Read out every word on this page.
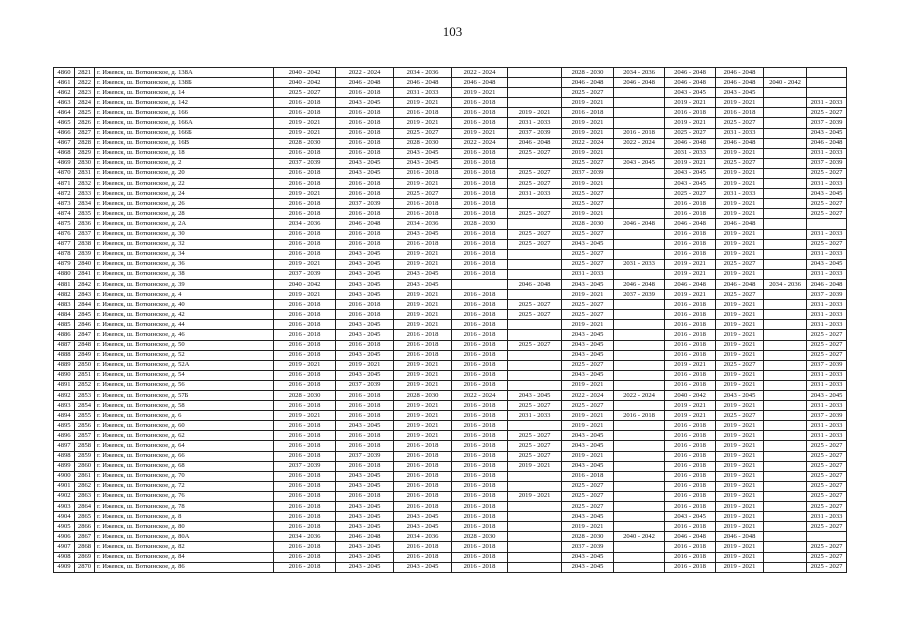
103
4860	2821	г. Ижевск, ш. Воткинское, д. 138А	2040 - 2042	2022 - 2024	2034 - 2036	2022 - 2024		2028 - 2030	2034 - 2036	2046 - 2048	2046 - 2048		
4861	2822	г. Ижевск, ш. Воткинское, д. 138Б	2040 - 2042	2046 - 2048	2046 - 2048	2046 - 2048		2046 - 2048	2046 - 2048	2046 - 2048	2046 - 2048	2040 - 2042	
4862	2823	г. Ижевск, ш. Воткинское, д. 14	2025 - 2027	2016 - 2018	2031 - 2033	2019 - 2021		2025 - 2027		2043 - 2045	2043 - 2045		
4863	2824	г. Ижевск, ш. Воткинское, д. 142	2016 - 2018	2043 - 2045	2019 - 2021	2016 - 2018		2019 - 2021		2019 - 2021	2019 - 2021		2031 - 2033
4864	2825	г. Ижевск, ш. Воткинское, д. 166	2016 - 2018	2016 - 2018	2016 - 2018	2016 - 2018	2019 - 2021	2016 - 2018		2016 - 2018	2016 - 2018		2025 - 2027
4865	2826	г. Ижевск, ш. Воткинское, д. 166А	2019 - 2021	2016 - 2018	2019 - 2021	2016 - 2018	2031 - 2033	2019 - 2021		2019 - 2021	2025 - 2027		2037 - 2039
4866	2827	г. Ижевск, ш. Воткинское, д. 166Б	2019 - 2021	2016 - 2018	2025 - 2027	2019 - 2021	2037 - 2039	2019 - 2021	2016 - 2018	2025 - 2027	2031 - 2033		2043 - 2045
4867	2828	г. Ижевск, ш. Воткинское, д. 16В	2028 - 2030	2016 - 2018	2028 - 2030	2022 - 2024	2046 - 2048	2022 - 2024	2022 - 2024	2046 - 2048	2046 - 2048		2046 - 2048
4868	2829	г. Ижевск, ш. Воткинское, д. 18	2016 - 2018	2016 - 2018	2043 - 2045	2016 - 2018	2025 - 2027	2019 - 2021		2031 - 2033	2019 - 2021		2031 - 2033
4869	2830	г. Ижевск, ш. Воткинское, д. 2	2037 - 2039	2043 - 2045	2043 - 2045	2016 - 2018		2025 - 2027	2043 - 2045	2019 - 2021	2025 - 2027		2037 - 2039
4870	2831	г. Ижевск, ш. Воткинское, д. 20	2016 - 2018	2043 - 2045	2016 - 2018	2016 - 2018	2025 - 2027	2037 - 2039		2043 - 2045	2019 - 2021		2025 - 2027
4871	2832	г. Ижевск, ш. Воткинское, д. 22	2016 - 2018	2016 - 2018	2019 - 2021	2016 - 2018	2025 - 2027	2019 - 2021		2043 - 2045	2019 - 2021		2031 - 2033
4872	2833	г. Ижевск, ш. Воткинское, д. 24	2019 - 2021	2016 - 2018	2025 - 2027	2016 - 2018	2031 - 2033	2025 - 2027		2025 - 2027	2031 - 2033		2043 - 2045
4873	2834	г. Ижевск, ш. Воткинское, д. 26	2016 - 2018	2037 - 2039	2016 - 2018	2016 - 2018		2025 - 2027		2016 - 2018	2019 - 2021		2025 - 2027
4874	2835	г. Ижевск, ш. Воткинское, д. 28	2016 - 2018	2016 - 2018	2016 - 2018	2016 - 2018	2025 - 2027	2019 - 2021		2016 - 2018	2019 - 2021		2025 - 2027
4875	2836	г. Ижевск, ш. Воткинское, д. 2А	2034 - 2036	2046 - 2048	2034 - 2036	2028 - 2030		2028 - 2030	2046 - 2048	2046 - 2048	2046 - 2048		
4876	2837	г. Ижевск, ш. Воткинское, д. 30	2016 - 2018	2016 - 2018	2043 - 2045	2016 - 2018	2025 - 2027	2025 - 2027		2016 - 2018	2019 - 2021		2031 - 2033
4877	2838	г. Ижевск, ш. Воткинское, д. 32	2016 - 2018	2016 - 2018	2016 - 2018	2016 - 2018	2025 - 2027	2043 - 2045		2016 - 2018	2019 - 2021		2025 - 2027
4878	2839	г. Ижевск, ш. Воткинское, д. 34	2016 - 2018	2043 - 2045	2019 - 2021	2016 - 2018		2025 - 2027		2016 - 2018	2019 - 2021		2031 - 2033
4879	2840	г. Ижевск, ш. Воткинское, д. 36	2019 - 2021	2043 - 2045	2019 - 2021	2016 - 2018		2025 - 2027	2031 - 2033	2019 - 2021	2025 - 2027		2043 - 2045
4880	2841	г. Ижевск, ш. Воткинское, д. 38	2037 - 2039	2043 - 2045	2043 - 2045	2016 - 2018		2031 - 2033		2019 - 2021	2019 - 2021		2031 - 2033
4881	2842	г. Ижевск, ш. Воткинское, д. 39	2040 - 2042	2043 - 2045	2043 - 2045		2046 - 2048	2043 - 2045	2046 - 2048	2046 - 2048	2046 - 2048	2034 - 2036	2046 - 2048
4882	2843	г. Ижевск, ш. Воткинское, д. 4	2019 - 2021	2043 - 2045	2019 - 2021	2016 - 2018		2019 - 2021	2037 - 2039	2019 - 2021	2025 - 2027		2037 - 2039
4883	2844	г. Ижевск, ш. Воткинское, д. 40	2016 - 2018	2016 - 2018	2019 - 2021	2016 - 2018	2025 - 2027	2025 - 2027		2016 - 2018	2019 - 2021		2031 - 2033
4884	2845	г. Ижевск, ш. Воткинское, д. 42	2016 - 2018	2016 - 2018	2019 - 2021	2016 - 2018	2025 - 2027	2025 - 2027		2016 - 2018	2019 - 2021		2031 - 2033
4885	2846	г. Ижевск, ш. Воткинское, д. 44	2016 - 2018	2043 - 2045	2019 - 2021	2016 - 2018		2019 - 2021		2016 - 2018	2019 - 2021		2031 - 2033
4886	2847	г. Ижевск, ш. Воткинское, д. 46	2016 - 2018	2043 - 2045	2016 - 2018	2016 - 2018		2043 - 2045		2016 - 2018	2019 - 2021		2025 - 2027
4887	2848	г. Ижевск, ш. Воткинское, д. 50	2016 - 2018	2016 - 2018	2016 - 2018	2016 - 2018	2025 - 2027	2043 - 2045		2016 - 2018	2019 - 2021		2025 - 2027
4888	2849	г. Ижевск, ш. Воткинское, д. 52	2016 - 2018	2043 - 2045	2016 - 2018	2016 - 2018		2043 - 2045		2016 - 2018	2019 - 2021		2025 - 2027
4889	2850	г. Ижевск, ш. Воткинское, д. 52А	2019 - 2021	2019 - 2021	2019 - 2021	2016 - 2018		2025 - 2027		2019 - 2021	2025 - 2027		2037 - 2039
4890	2851	г. Ижевск, ш. Воткинское, д. 54	2016 - 2018	2043 - 2045	2019 - 2021	2016 - 2018		2043 - 2045		2016 - 2018	2019 - 2021		2031 - 2033
4891	2852	г. Ижевск, ш. Воткинское, д. 56	2016 - 2018	2037 - 2039	2019 - 2021	2016 - 2018		2019 - 2021		2016 - 2018	2019 - 2021		2031 - 2033
4892	2853	г. Ижевск, ш. Воткинское, д. 57Б	2028 - 2030	2016 - 2018	2028 - 2030	2022 - 2024	2043 - 2045	2022 - 2024	2022 - 2024	2040 - 2042	2043 - 2045		2043 - 2045
4893	2854	г. Ижевск, ш. Воткинское, д. 58	2016 - 2018	2016 - 2018	2019 - 2021	2016 - 2018	2025 - 2027	2025 - 2027		2019 - 2021	2019 - 2021		2031 - 2033
4894	2855	г. Ижевск, ш. Воткинское, д. 6	2019 - 2021	2016 - 2018	2019 - 2021	2016 - 2018	2031 - 2033	2019 - 2021	2016 - 2018	2019 - 2021	2025 - 2027		2037 - 2039
4895	2856	г. Ижевск, ш. Воткинское, д. 60	2016 - 2018	2043 - 2045	2019 - 2021	2016 - 2018		2019 - 2021		2016 - 2018	2019 - 2021		2031 - 2033
4896	2857	г. Ижевск, ш. Воткинское, д. 62	2016 - 2018	2016 - 2018	2019 - 2021	2016 - 2018	2025 - 2027	2043 - 2045		2016 - 2018	2019 - 2021		2031 - 2033
4897	2858	г. Ижевск, ш. Воткинское, д. 64	2016 - 2018	2016 - 2018	2016 - 2018	2016 - 2018	2025 - 2027	2043 - 2045		2016 - 2018	2019 - 2021		2025 - 2027
4898	2859	г. Ижевск, ш. Воткинское, д. 66	2016 - 2018	2037 - 2039	2016 - 2018	2016 - 2018	2025 - 2027	2019 - 2021		2016 - 2018	2019 - 2021		2025 - 2027
4899	2860	г. Ижевск, ш. Воткинское, д. 68	2037 - 2039	2016 - 2018	2016 - 2018	2016 - 2018	2019 - 2021	2043 - 2045		2016 - 2018	2019 - 2021		2025 - 2027
4900	2861	г. Ижевск, ш. Воткинское, д. 70	2016 - 2018	2043 - 2045	2016 - 2018	2016 - 2018		2016 - 2018		2016 - 2018	2019 - 2021		2025 - 2027
4901	2862	г. Ижевск, ш. Воткинское, д. 72	2016 - 2018	2043 - 2045	2016 - 2018	2016 - 2018		2025 - 2027		2016 - 2018	2019 - 2021		2025 - 2027
4902	2863	г. Ижевск, ш. Воткинское, д. 76	2016 - 2018	2016 - 2018	2016 - 2018	2016 - 2018	2019 - 2021	2025 - 2027		2016 - 2018	2019 - 2021		2025 - 2027
4903	2864	г. Ижевск, ш. Воткинское, д. 78	2016 - 2018	2043 - 2045	2016 - 2018	2016 - 2018		2025 - 2027		2016 - 2018	2019 - 2021		2025 - 2027
4904	2865	г. Ижевск, ш. Воткинское, д. 8	2016 - 2018	2043 - 2045	2043 - 2045	2016 - 2018		2043 - 2045		2043 - 2045	2019 - 2021		2031 - 2033
4905	2866	г. Ижевск, ш. Воткинское, д. 80	2016 - 2018	2043 - 2045	2043 - 2045	2016 - 2018		2019 - 2021		2016 - 2018	2019 - 2021		2025 - 2027
4906	2867	г. Ижевск, ш. Воткинское, д. 80А	2034 - 2036	2046 - 2048	2034 - 2036	2028 - 2030		2028 - 2030	2040 - 2042	2046 - 2048	2046 - 2048		
4907	2868	г. Ижевск, ш. Воткинское, д. 82	2016 - 2018	2043 - 2045	2016 - 2018	2016 - 2018		2037 - 2039		2016 - 2018	2019 - 2021		2025 - 2027
4908	2869	г. Ижевск, ш. Воткинское, д. 84	2016 - 2018	2043 - 2045	2016 - 2018	2016 - 2018		2043 - 2045		2016 - 2018	2019 - 2021		2025 - 2027
4909	2870	г. Ижевск, ш. Воткинское, д. 86	2016 - 2018	2043 - 2045	2043 - 2045	2016 - 2018		2043 - 2045		2016 - 2018	2019 - 2021		2025 - 2027
